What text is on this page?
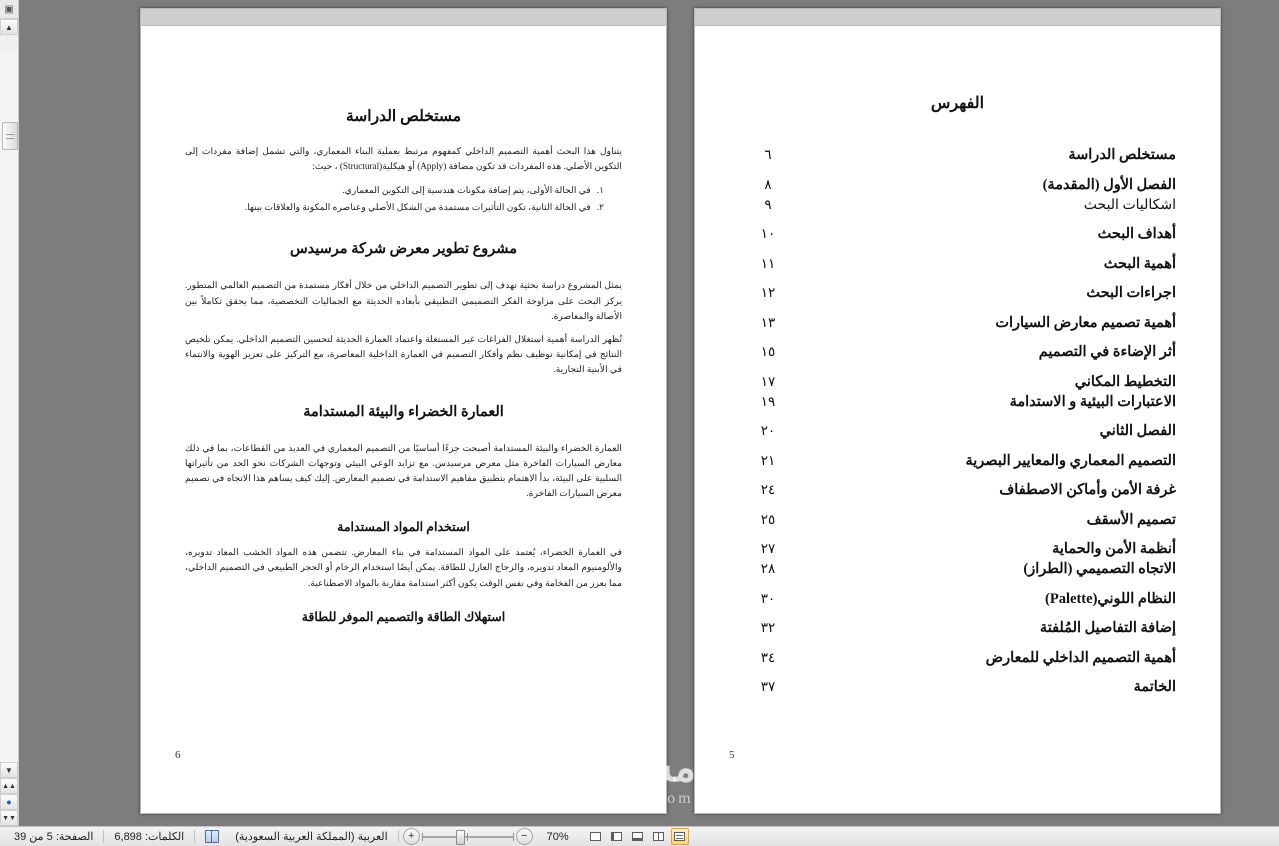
▣
▲
▼
▲▲
●
▼▼
الفهرس
مستخلص الدراسة
٦
الفصل الأول (المقدمة)
٨
اشكاليات البحث
٩
أهداف البحث
١٠
أهمية البحث
١١
اجراءات البحث
١٢
أهمية تصميم معارض السيارات
١٣
أثر الإضاءة في التصميم
١٥
التخطيط المكاني
١٧
الاعتبارات البيئية و الاستدامة
١٩
الفصل الثاني
٢٠
التصميم المعماري والمعايير البصرية
٢١
غرفة الأمن وأماكن الاصطفاف
٢٤
تصميم الأسقف
٢٥
أنظمة الأمن والحماية
٢٧
الاتجاه التصميمي (الطراز)
٢٨
النظام اللوني(Palette)
٣٠
إضافة التفاصيل المُلفتة
٣٢
أهمية التصميم الداخلي للمعارض
٣٤
الخاتمة
٣٧
5
مستخلص الدراسة

يتناول هذا البحث أهمية التصميم الداخلي كمفهوم مرتبط بعملية البناء المعماري، والتي تشمل إضافة مفردات إلى التكوين الأصلي. هذه المفردات قد تكون مضافة (Apply) أو هيكلية(Structural) ، حيث:

١.
في الحالة الأولى، يتم إضافة مكونات هندسية إلى التكوين المعماري.
٢.
في الحالة الثانية، تكون التأثيرات مستمدة من الشكل الأصلي وعناصره المكونة والعلاقات بينها.
مشروع تطوير معرض شركة مرسيدس

يمثل المشروع دراسة بحثية تهدف إلى تطوير التصميم الداخلي من خلال أفكار مستمدة من التصميم العالمي المتطور. يركز البحث على مزاوجة الفكر التصميمي التطبيقي بأبعاده الحديثة مع الجماليات التخصصية، مما يحقق تكاملاً بين الأصالة والمعاصرة.

تُظهر الدراسة أهمية استغلال الفراغات غير المستغلة واعتماد العمارة الحديثة لتحسين التصميم الداخلي. يمكن تلخيص النتائج في إمكانية توظيف نظم وأفكار التصميم في العمارة الداخلية المعاصرة، مع التركيز على تعزيز الهوية والانتماء في الأبنية التجارية.

العمارة الخضراء والبيئة المستدامة

العمارة الخضراء والبيئة المستدامة أصبحت جزءًا أساسيًا من التصميم المعماري في العديد من القطاعات، بما في ذلك معارض السيارات الفاخرة مثل معرض مرسيدس. مع تزايد الوعي البيئي وتوجهات الشركات نحو الحد من تأثيراتها السلبية على البيئة، بدأ الاهتمام بتطبيق مفاهيم الاستدامة في تصميم المعارض. إليك كيف يساهم هذا الاتجاه في تصميم معرض السيارات الفاخرة.

استخدام المواد المستدامة

في العمارة الخضراء، يُعتمد على المواد المستدامة في بناء المعارض. تتضمن هذه المواد الخشب المعاد تدويره، والألومنيوم المعاد تدويره، والزجاج العازل للطاقة. يمكن أيضًا استخدام الرخام أو الحجر الطبيعي في التصميم الداخلي، مما يعزز من الفخامة وفي نفس الوقت يكون أكثر استدامة مقارنة بالمواد الاصطناعية.

استهلاك الطاقة والتصميم الموفر للطاقة
6	مستقل
mostaql.com
الصفحة: 5 من 39	الكلمات: 6,898	العربية (المملكة العربية السعودية)	70%
−
+
